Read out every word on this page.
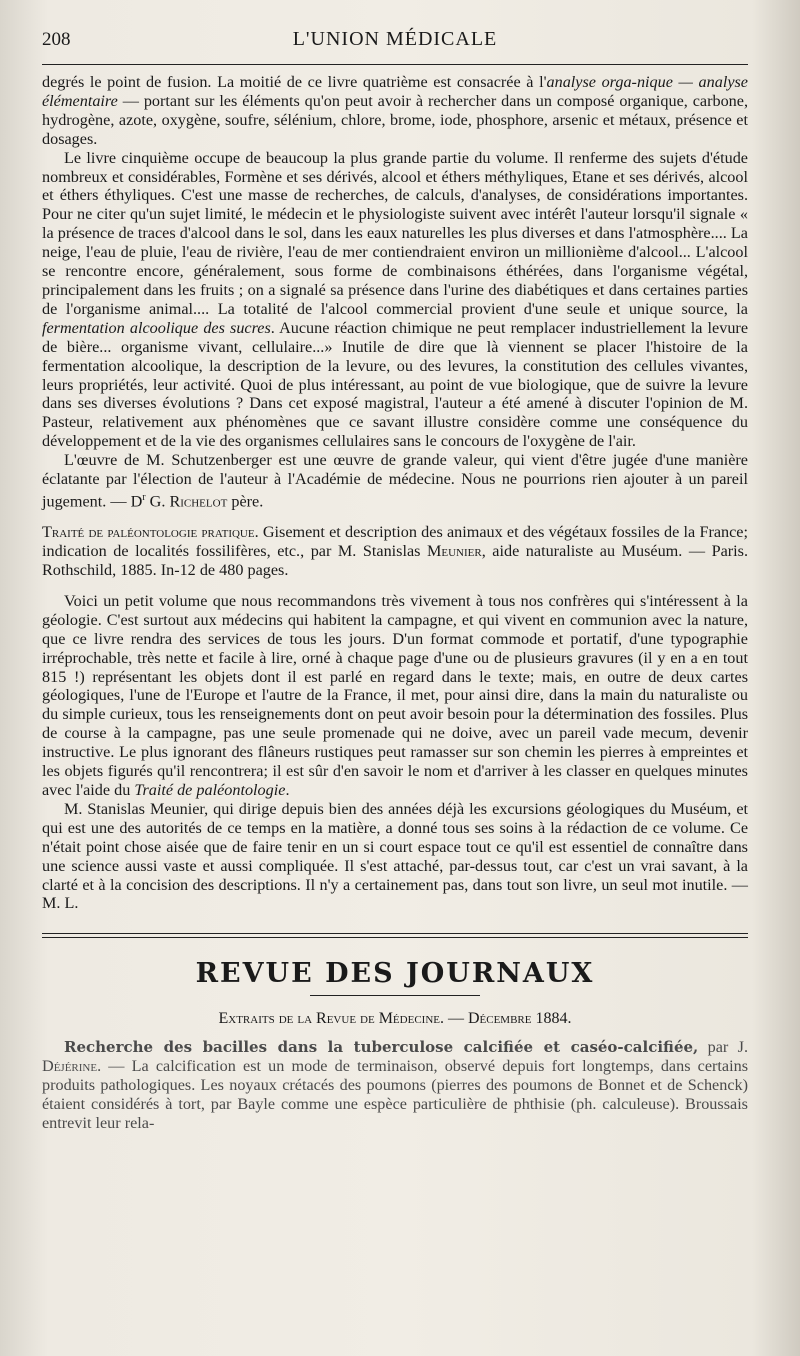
208	L'UNION MÉDICALE

degrés le point de fusion. La moitié de ce livre quatrième est consacrée à l'analyse orga-nique — analyse élémentaire — portant sur les éléments qu'on peut avoir à rechercher dans un composé organique, carbone, hydrogène, azote, oxygène, soufre, sélénium, chlore, brome, iode, phosphore, arsenic et métaux, présence et dosages.

Le livre cinquième occupe de beaucoup la plus grande partie du volume. Il renferme des sujets d'étude nombreux et considérables, Formène et ses dérivés, alcool et éthers méthyliques, Etane et ses dérivés, alcool et éthers éthyliques. C'est une masse de recherches, de calculs, d'analyses, de considérations importantes. Pour ne citer qu'un sujet limité, le médecin et le physiologiste suivent avec intérêt l'auteur lorsqu'il signale « la présence de traces d'alcool dans le sol, dans les eaux naturelles les plus diverses et dans l'atmosphère.... La neige, l'eau de pluie, l'eau de rivière, l'eau de mer contiendraient environ un millionième d'alcool... L'alcool se rencontre encore, généralement, sous forme de combinaisons éthérées, dans l'organisme végétal, principalement dans les fruits ; on a signalé sa présence dans l'urine des diabétiques et dans certaines parties de l'organisme animal.... La totalité de l'alcool commercial provient d'une seule et unique source, la fermentation alcoolique des sucres. Aucune réaction chimique ne peut remplacer industriellement la levure de bière... organisme vivant, cellulaire...» Inutile de dire que là viennent se placer l'histoire de la fermentation alcoolique, la description de la levure, ou des levures, la constitution des cellules vivantes, leurs propriétés, leur activité. Quoi de plus intéressant, au point de vue biologique, que de suivre la levure dans ses diverses évolutions ? Dans cet exposé magistral, l'auteur a été amené à discuter l'opinion de M. Pasteur, relativement aux phénomènes que ce savant illustre considère comme une conséquence du développement et de la vie des organismes cellulaires sans le concours de l'oxygène de l'air.

L'œuvre de M. Schutzenberger est une œuvre de grande valeur, qui vient d'être jugée d'une manière éclatante par l'élection de l'auteur à l'Académie de médecine. Nous ne pourrions rien ajouter à un pareil jugement. — $D^r$ G. Richelot père.

Traité de paléontologie pratique. Gisement et description des animaux et des végétaux fossiles de la France; indication de localités fossilifères, etc., par M. Stanislas Meunier, aide naturaliste au Muséum. — Paris. Rothschild, 1885. In-12 de 480 pages.

Voici un petit volume que nous recommandons très vivement à tous nos confrères qui s'intéressent à la géologie. C'est surtout aux médecins qui habitent la campagne, et qui vivent en communion avec la nature, que ce livre rendra des services de tous les jours. D'un format commode et portatif, d'une typographie irréprochable, très nette et facile à lire, orné à chaque page d'une ou de plusieurs gravures (il y en a en tout 815 !) représentant les objets dont il est parlé en regard dans le texte; mais, en outre de deux cartes géologiques, l'une de l'Europe et l'autre de la France, il met, pour ainsi dire, dans la main du naturaliste ou du simple curieux, tous les renseignements dont on peut avoir besoin pour la détermination des fossiles. Plus de course à la campagne, pas une seule promenade qui ne doive, avec un pareil vade mecum, devenir instructive. Le plus ignorant des flâneurs rustiques peut ramasser sur son chemin les pierres à empreintes et les objets figurés qu'il rencontrera; il est sûr d'en savoir le nom et d'arriver à les classer en quelques minutes avec l'aide du Traité de paléontologie.

M. Stanislas Meunier, qui dirige depuis bien des années déjà les excursions géologiques du Muséum, et qui est une des autorités de ce temps en la matière, a donné tous ses soins à la rédaction de ce volume. Ce n'était point chose aisée que de faire tenir en un si court espace tout ce qu'il est essentiel de connaître dans une science aussi vaste et aussi compliquée. Il s'est attaché, par-dessus tout, car c'est un vrai savant, à la clarté et à la concision des descriptions. Il n'y a certainement pas, dans tout son livre, un seul mot inutile. — M. L.

REVUE DES JOURNAUX
Extraits de la Revue de Médecine. — Décembre 1884.

Recherche des bacilles dans la tuberculose calcifiée et caséo-calcifiée, par J. Déjérine. — La calcification est un mode de terminaison, observé depuis fort longtemps, dans certains produits pathologiques. Les noyaux crétacés des poumons (pierres des poumons de Bonnet et de Schenck) étaient considérés à tort, par Bayle comme une espèce particulière de phthisie (ph. calculeuse). Broussais entrevit leur rela-
